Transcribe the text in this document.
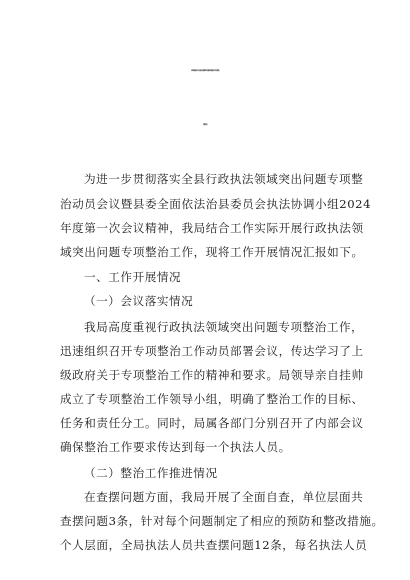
X县财政局关于行政执法领域突出问题专项整治工作开展情
况的报告
为进一步贯彻落实全县行政执法领域突出问题专项整
治动员会议暨县委全面依法治县委员会执法协调小组2024
年度第一次会议精神，我局结合工作实际开展行政执法领
域突出问题专项整治工作，现将工作开展情况汇报如下。
一、工作开展情况
（一）会议落实情况
我局高度重视行政执法领域突出问题专项整治工作，
迅速组织召开专项整治工作动员部署会议，传达学习了上
级政府关于专项整治工作的精神和要求。局领导亲自挂帅
成立了专项整治工作领导小组，明确了整治工作的目标、
任务和责任分工。同时，局属各部门分别召开了内部会议
确保整治工作要求传达到每一个执法人员。
（二）整治工作推进情况
在查摆问题方面，我局开展了全面自查，单位层面共
查摆问题3条，针对每个问题制定了相应的预防和整改措施。
个人层面，全局执法人员共查摆问题12条，每名执法人员
